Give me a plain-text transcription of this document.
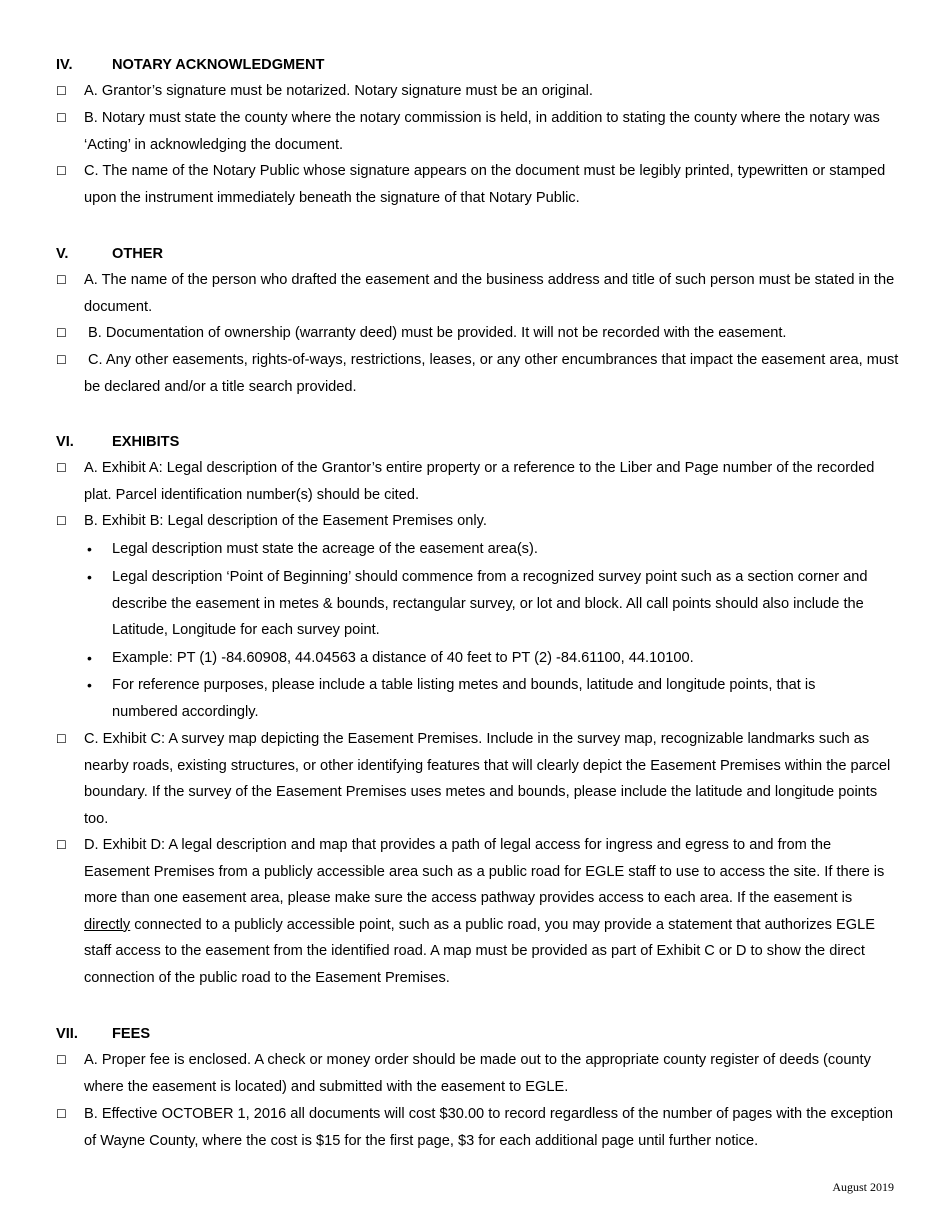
IV.	NOTARY ACKNOWLEDGMENT
☐ A. Grantor’s signature must be notarized. Notary signature must be an original.
☐ B. Notary must state the county where the notary commission is held, in addition to stating the county where the notary was ‘Acting’ in acknowledging the document.
☐ C. The name of the Notary Public whose signature appears on the document must be legibly printed, typewritten or stamped upon the instrument immediately beneath the signature of that Notary Public.
V.	OTHER
☐ A. The name of the person who drafted the easement and the business address and title of such person must be stated in the document.
☐ B. Documentation of ownership (warranty deed) must be provided. It will not be recorded with the easement.
☐ C. Any other easements, rights-of-ways, restrictions, leases, or any other encumbrances that impact the easement area, must be declared and/or a title search provided.
VI.	EXHIBITS
☐ A. Exhibit A: Legal description of the Grantor’s entire property or a reference to the Liber and Page number of the recorded plat. Parcel identification number(s) should be cited.
☐ B. Exhibit B: Legal description of the Easement Premises only.
• Legal description must state the acreage of the easement area(s).
• Legal description ‘Point of Beginning’ should commence from a recognized survey point such as a section corner and describe the easement in metes & bounds, rectangular survey, or lot and block. All call points should also include the Latitude, Longitude for each survey point.
• Example: PT (1) -84.60908, 44.04563 a distance of 40 feet to PT (2) -84.61100, 44.10100.
• For reference purposes, please include a table listing metes and bounds, latitude and longitude points, that is numbered accordingly.
☐ C. Exhibit C: A survey map depicting the Easement Premises. Include in the survey map, recognizable landmarks such as nearby roads, existing structures, or other identifying features that will clearly depict the Easement Premises within the parcel boundary. If the survey of the Easement Premises uses metes and bounds, please include the latitude and longitude points too.
☐ D. Exhibit D: A legal description and map that provides a path of legal access for ingress and egress to and from the Easement Premises from a publicly accessible area such as a public road for EGLE staff to use to access the site. If there is more than one easement area, please make sure the access pathway provides access to each area. If the easement is directly connected to a publicly accessible point, such as a public road, you may provide a statement that authorizes EGLE staff access to the easement from the identified road. A map must be provided as part of Exhibit C or D to show the direct connection of the public road to the Easement Premises.
VII. FEES
☐ A. Proper fee is enclosed. A check or money order should be made out to the appropriate county register of deeds (county where the easement is located) and submitted with the easement to EGLE.
☐ B. Effective OCTOBER 1, 2016 all documents will cost $30.00 to record regardless of the number of pages with the exception of Wayne County, where the cost is $15 for the first page, $3 for each additional page until further notice.
August 2019
